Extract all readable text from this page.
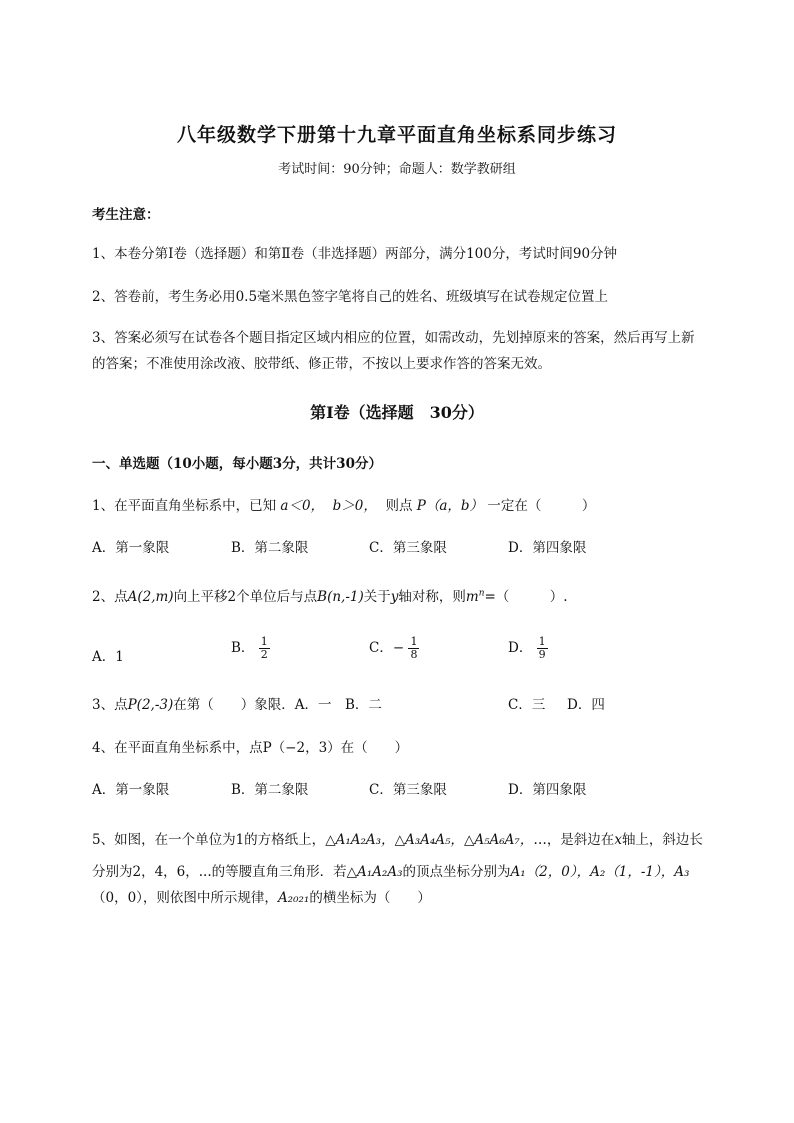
八年级数学下册第十九章平面直角坐标系同步练习
考试时间：90分钟；命题人：数学教研组
考生注意：
1、本卷分第Ⅰ卷（选择题）和第Ⅱ卷（非选择题）两部分，满分100分，考试时间90分钟
2、答卷前，考生务必用0.5毫米黑色签字笔将自己的姓名、班级填写在试卷规定位置上
3、答案必须写在试卷各个题目指定区域内相应的位置，如需改动，先划掉原来的答案，然后再写上新
的答案；不准使用涂改液、胶带纸、修正带，不按以上要求作答的答案无效。
第Ⅰ卷（选择题　30分）
一、单选题（10小题，每小题3分，共计30分）
1、在平面直角坐标系中，已知 a＜0， b＞0， 则点 P（a，b） 一定在（　　　）
A．第一象限	B．第二象限	C．第三象限	D．第四象限
2、点A(2,m)向上平移2个单位后与点B(n,-1)关于y轴对称，则$m^n=$（　　　）.
A．1
B． $\frac{1}{2}$	C．− $\frac{1}{8}$	D． $\frac{1}{9}$
3、点P(2,-3)在第（　　）象限．A．一　B．二	C．三 D．四
4、在平面直角坐标系中，点P（−2，3）在（　　）
A．第一象限	B．第二象限	C．第三象限	D．第四象限
5、如图，在一个单位为1的方格纸上，△A₁A₂A₃，△A₃A₄A₅，△A₅A₆A₇，…，是斜边在x轴上，斜边长
分别为2，4，6，...的等腰直角三角形．若△A₁A₂A₃的顶点坐标分别为A₁（2，0），A₂（1，-1），A₃
（0，0），则依图中所示规律，A₂₀₂₁的横坐标为（　　）
